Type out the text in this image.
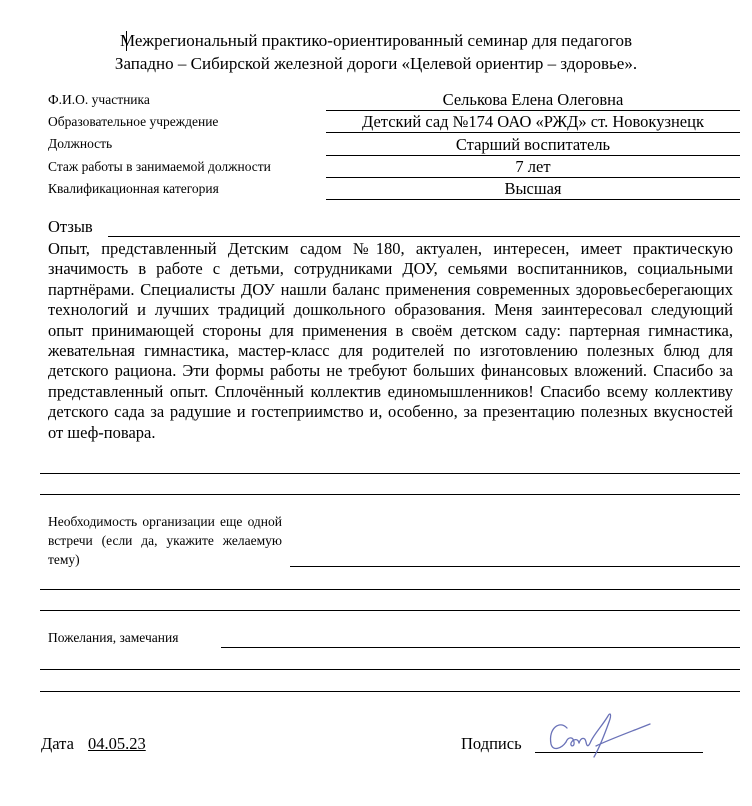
Межрегиональный практико-ориентированный семинар для педагогов
Западно – Сибирской железной дороги «Целевой ориентир – здоровье».
Ф.И.О. участника	Селькова Елена Олеговна
Образовательное учреждение	Детский сад №174 ОАО «РЖД» ст. Новокузнецк
Должность	Старший воспитатель
Стаж работы в занимаемой должности	7 лет
Квалификационная категория	Высшая
Отзыв
Опыт, представленный Детским садом №180, актуален, интересен, имеет практическую значимость в работе с детьми, сотрудниками ДОУ, семьями воспитанников, социальными партнёрами. Специалисты ДОУ нашли баланс применения современных здоровьесберегающих технологий и лучших традиций дошкольного образования. Меня заинтересовал следующий опыт принимающей стороны для применения в своём детском саду: партерная гимнастика, жевательная гимнастика, мастер-класс для родителей по изготовлению полезных блюд для детского рациона. Эти формы работы не требуют больших финансовых вложений. Спасибо за представленный опыт. Сплочённый коллектив единомышленников! Спасибо всему коллективу детского сада за радушие и гостеприимство и, особенно, за презентацию полезных вкусностей от шеф-повара.
Необходимость организации еще одной встречи (если да, укажите желаемую тему)
Пожелания, замечания
Дата 04.05.23	Подпись
